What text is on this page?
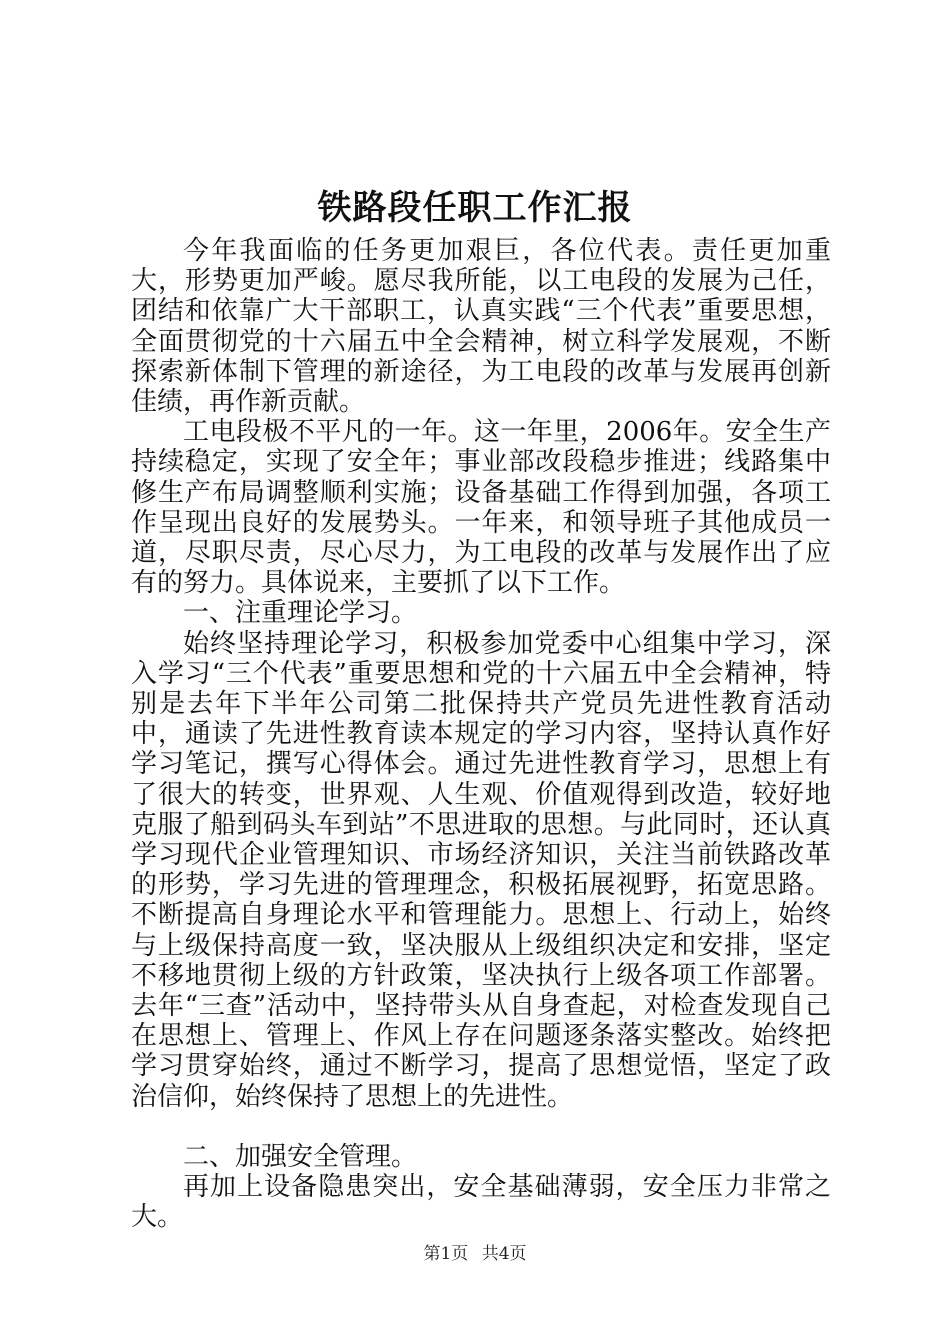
铁路段任职工作汇报

今年我面临的任务更加艰巨，各位代表。责任更加重大，形势更加严峻。愿尽我所能，以工电段的发展为己任，团结和依靠广大干部职工，认真实践“三个代表”重要思想，全面贯彻党的十六届五中全会精神，树立科学发展观，不断探索新体制下管理的新途径，为工电段的改革与发展再创新佳绩，再作新贡献。

工电段极不平凡的一年。这一年里，2006年。安全生产持续稳定，实现了安全年；事业部改段稳步推进；线路集中修生产布局调整顺利实施；设备基础工作得到加强，各项工作呈现出良好的发展势头。一年来，和领导班子其他成员一道，尽职尽责，尽心尽力，为工电段的改革与发展作出了应有的努力。具体说来，主要抓了以下工作。

一、注重理论学习。

始终坚持理论学习，积极参加党委中心组集中学习，深入学习“三个代表”重要思想和党的十六届五中全会精神，特别是去年下半年公司第二批保持共产党员先进性教育活动中，通读了先进性教育读本规定的学习内容，坚持认真作好学习笔记，撰写心得体会。通过先进性教育学习，思想上有了很大的转变，世界观、人生观、价值观得到改造，较好地克服了船到码头车到站”不思进取的思想。与此同时，还认真学习现代企业管理知识、市场经济知识，关注当前铁路改革的形势，学习先进的管理理念，积极拓展视野，拓宽思路。不断提高自身理论水平和管理能力。思想上、行动上，始终与上级保持高度一致，坚决服从上级组织决定和安排，坚定不移地贯彻上级的方针政策，坚决执行上级各项工作部署。去年“三查”活动中，坚持带头从自身查起，对检查发现自己在思想上、管理上、作风上存在问题逐条落实整改。始终把学习贯穿始终，通过不断学习，提高了思想觉悟，坚定了政治信仰，始终保持了思想上的先进性。

二、加强安全管理。

再加上设备隐患突出，安全基础薄弱，安全压力非常之大。

第1页 共4页
